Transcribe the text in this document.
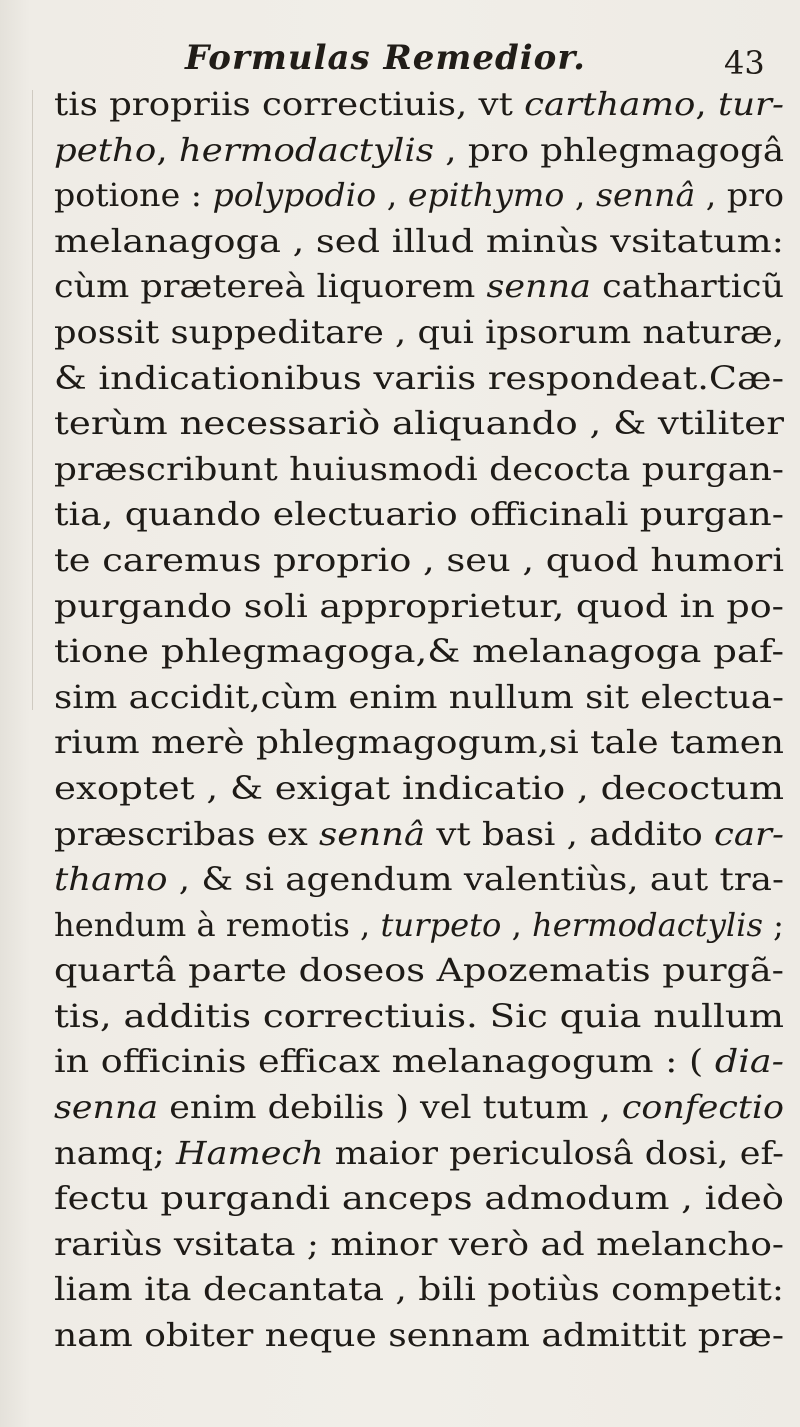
Formulas Remedior.	43
tis propriis correctiuis, vt carthamo, tur-
petho, hermodactylis , pro phlegmagogâ
potione : polypodio , epithymo , sennâ , pro
melanagoga , sed illud minùs vsitatum:
cùm prætereà liquorem senna catharticũ
possit suppeditare , qui ipsorum naturæ,
& indicationibus variis respondeat.Cæ-
terùm necessariò aliquando , & vtiliter
præscribunt huiusmodi decocta purgan-
tia, quando electuario officinali purgan-
te caremus proprio , seu , quod humori
purgando soli approprietur, quod in po-
tione phlegmagoga,& melanagoga paf-
sim accidit,cùm enim nullum sit electua-
rium merè phlegmagogum,si tale tamen
exoptet , & exigat indicatio , decoctum
præscribas ex sennâ vt basi , addito car-
thamo , & si agendum valentiùs, aut tra-
hendum à remotis , turpeto , hermodactylis ;
quartâ parte dosеos Apozematis purgã-
tis, additis correctiuis. Sic quia nullum
in officinis efficax melanagogum : ( dia-
senna enim debilis ) vel tutum , confectio
namq; Hamech maior periculosâ dosi, ef-
fectu purgandi anceps admodum , ideò
rariùs vsitata ; minor verò ad melancho-
liam ita decantata , bili potiùs competit:
nam obiter neque sennam admittit præ-
